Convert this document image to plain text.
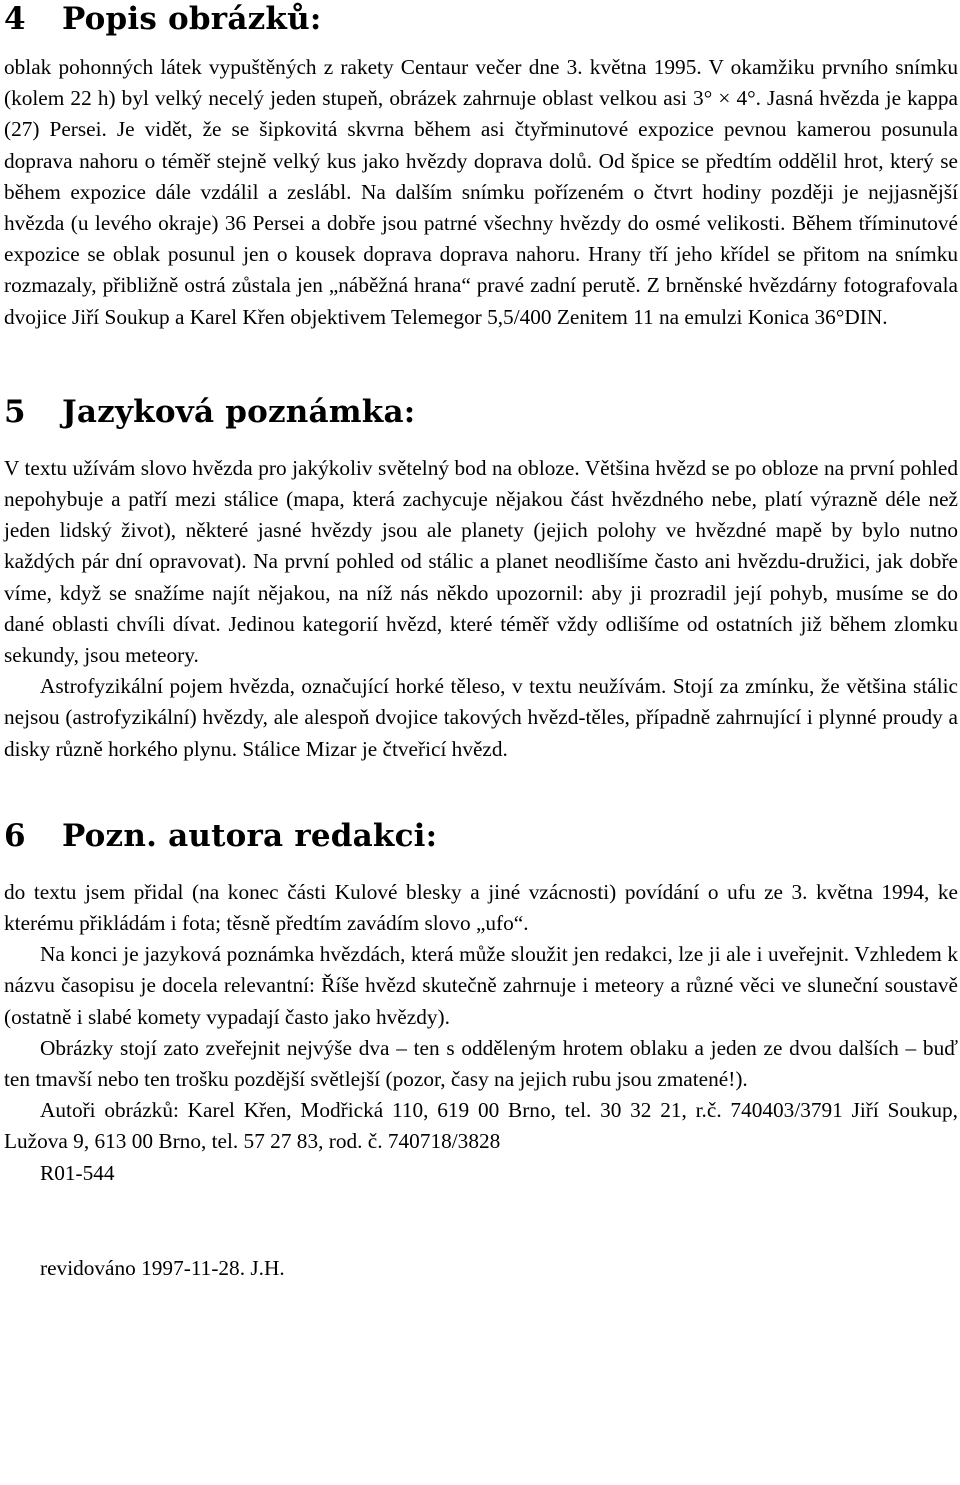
4 Popis obrázků:

oblak pohonných látek vypuštěných z rakety Centaur večer dne 3. května 1995. V okamžiku prvního snímku (kolem 22 h) byl velký necelý jeden stupeň, obrázek zahrnuje oblast velkou asi 3° × 4°. Jasná hvězda je kappa (27) Persei. Je vidět, že se šipkovitá skvrna během asi čtyřminutové expozice pevnou kamerou posunula doprava nahoru o téměř stejně velký kus jako hvězdy doprava dolů. Od špice se předtím oddělil hrot, který se během expozice dále vzdálil a zeslábl. Na dalším snímku pořízeném o čtvrt hodiny později je nejjasnější hvězda (u levého okraje) 36 Persei a dobře jsou patrné všechny hvězdy do osmé velikosti. Během tříminutové expozice se oblak posunul jen o kousek doprava doprava nahoru. Hrany tří jeho křídel se přitom na snímku rozmazaly, přibližně ostrá zůstala jen „náběžná hrana“ pravé zadní perutě. Z brněnské hvězdárny fotografovala dvojice Jiří Soukup a Karel Křen objektivem Telemegor 5,5/400 Zenitem 11 na emulzi Konica 36°DIN.

5 Jazyková poznámka:

V textu užívám slovo hvězda pro jakýkoliv světelný bod na obloze. Většina hvězd se po obloze na první pohled nepohybuje a patří mezi stálice (mapa, která zachycuje nějakou část hvězdného nebe, platí výrazně déle než jeden lidský život), některé jasné hvězdy jsou ale planety (jejich polohy ve hvězdné mapě by bylo nutno každých pár dní opravovat). Na první pohled od stálic a planet neodlišíme často ani hvězdu-družici, jak dobře víme, když se snažíme najít nějakou, na níž nás někdo upozornil: aby ji prozradil její pohyb, musíme se do dané oblasti chvíli dívat. Jedinou kategorií hvězd, které téměř vždy odlišíme od ostatních již během zlomku sekundy, jsou meteory.

Astrofyzikální pojem hvězda, označující horké těleso, v textu neužívám. Stojí za zmínku, že většina stálic nejsou (astrofyzikální) hvězdy, ale alespoň dvojice takových hvězd-těles, případně zahrnující i plynné proudy a disky různě horkého plynu. Stálice Mizar je čtveřicí hvězd.

6 Pozn. autora redakci:

do textu jsem přidal (na konec části Kulové blesky a jiné vzácnosti) povídání o ufu ze 3. května 1994, ke kterému přikládám i fota; těsně předtím zavádím slovo „ufo“.

Na konci je jazyková poznámka hvězdách, která může sloužit jen redakci, lze ji ale i uveřejnit. Vzhledem k názvu časopisu je docela relevantní: Říše hvězd skutečně zahrnuje i meteory a různé věci ve sluneční soustavě (ostatně i slabé komety vypadají často jako hvězdy).

Obrázky stojí zato zveřejnit nejvýše dva – ten s odděleným hrotem oblaku a jeden ze dvou dalších – buď ten tmavší nebo ten trošku pozdější světlejší (pozor, časy na jejich rubu jsou zmatené!).

Autoři obrázků: Karel Křen, Modřická 110, 619 00 Brno, tel. 30 32 21, r.č. 740403/3791 Jiří Soukup, Lužova 9, 613 00 Brno, tel. 57 27 83, rod. č. 740718/3828

R01-544

revidováno 1997-11-28. J.H.
